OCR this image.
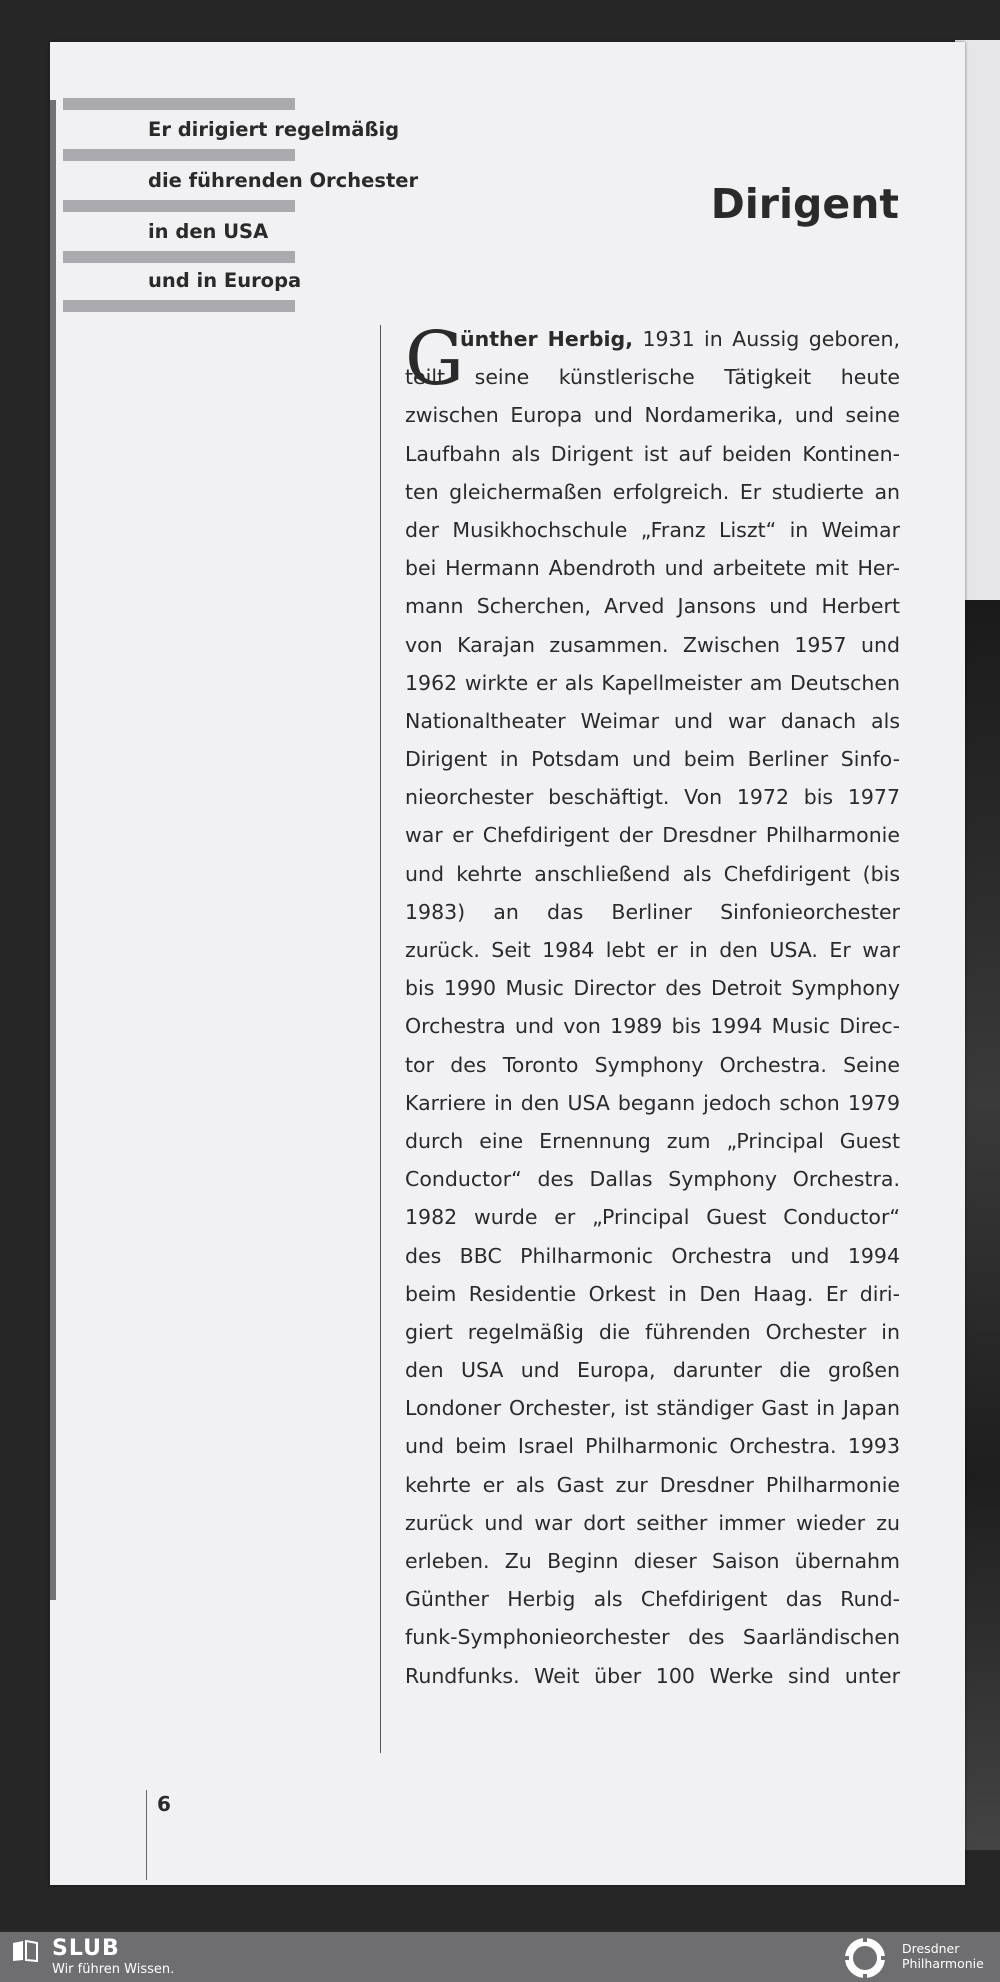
Er dirigiert regelmäßig
die führenden Orchester
in den USA
und in Europa
Dirigent
G
ünther Herbig, 1931 in Aussig geboren,
teilt seine künstlerische Tätigkeit heute
zwischen Europa und Nordamerika, und seine
Laufbahn als Dirigent ist auf beiden Kontinen-
ten gleichermaßen erfolgreich. Er studierte an
der Musikhochschule „Franz Liszt“ in Weimar
bei Hermann Abendroth und arbeitete mit Her-
mann Scherchen, Arved Jansons und Herbert
von Karajan zusammen. Zwischen 1957 und
1962 wirkte er als Kapellmeister am Deutschen
Nationaltheater Weimar und war danach als
Dirigent in Potsdam und beim Berliner Sinfo-
nieorchester beschäftigt. Von 1972 bis 1977
war er Chefdirigent der Dresdner Philharmonie
und kehrte anschließend als Chefdirigent (bis
1983) an das Berliner Sinfonieorchester
zurück. Seit 1984 lebt er in den USA. Er war
bis 1990 Music Director des Detroit Symphony
Orchestra und von 1989 bis 1994 Music Direc-
tor des Toronto Symphony Orchestra. Seine
Karriere in den USA begann jedoch schon 1979
durch eine Ernennung zum „Principal Guest
Conductor“ des Dallas Symphony Orchestra.
1982 wurde er „Principal Guest Conductor“
des BBC Philharmonic Orchestra und 1994
beim Residentie Orkest in Den Haag. Er diri-
giert regelmäßig die führenden Orchester in
den USA und Europa, darunter die großen
Londoner Orchester, ist ständiger Gast in Japan
und beim Israel Philharmonic Orchestra. 1993
kehrte er als Gast zur Dresdner Philharmonie
zurück und war dort seither immer wieder zu
erleben. Zu Beginn dieser Saison übernahm
Günther Herbig als Chefdirigent das Rund-
funk-Symphonieorchester des Saarländischen
Rundfunks. Weit über 100 Werke sind unter
6
SLUB
Wir führen Wissen.
Dresdner
Philharmonie
